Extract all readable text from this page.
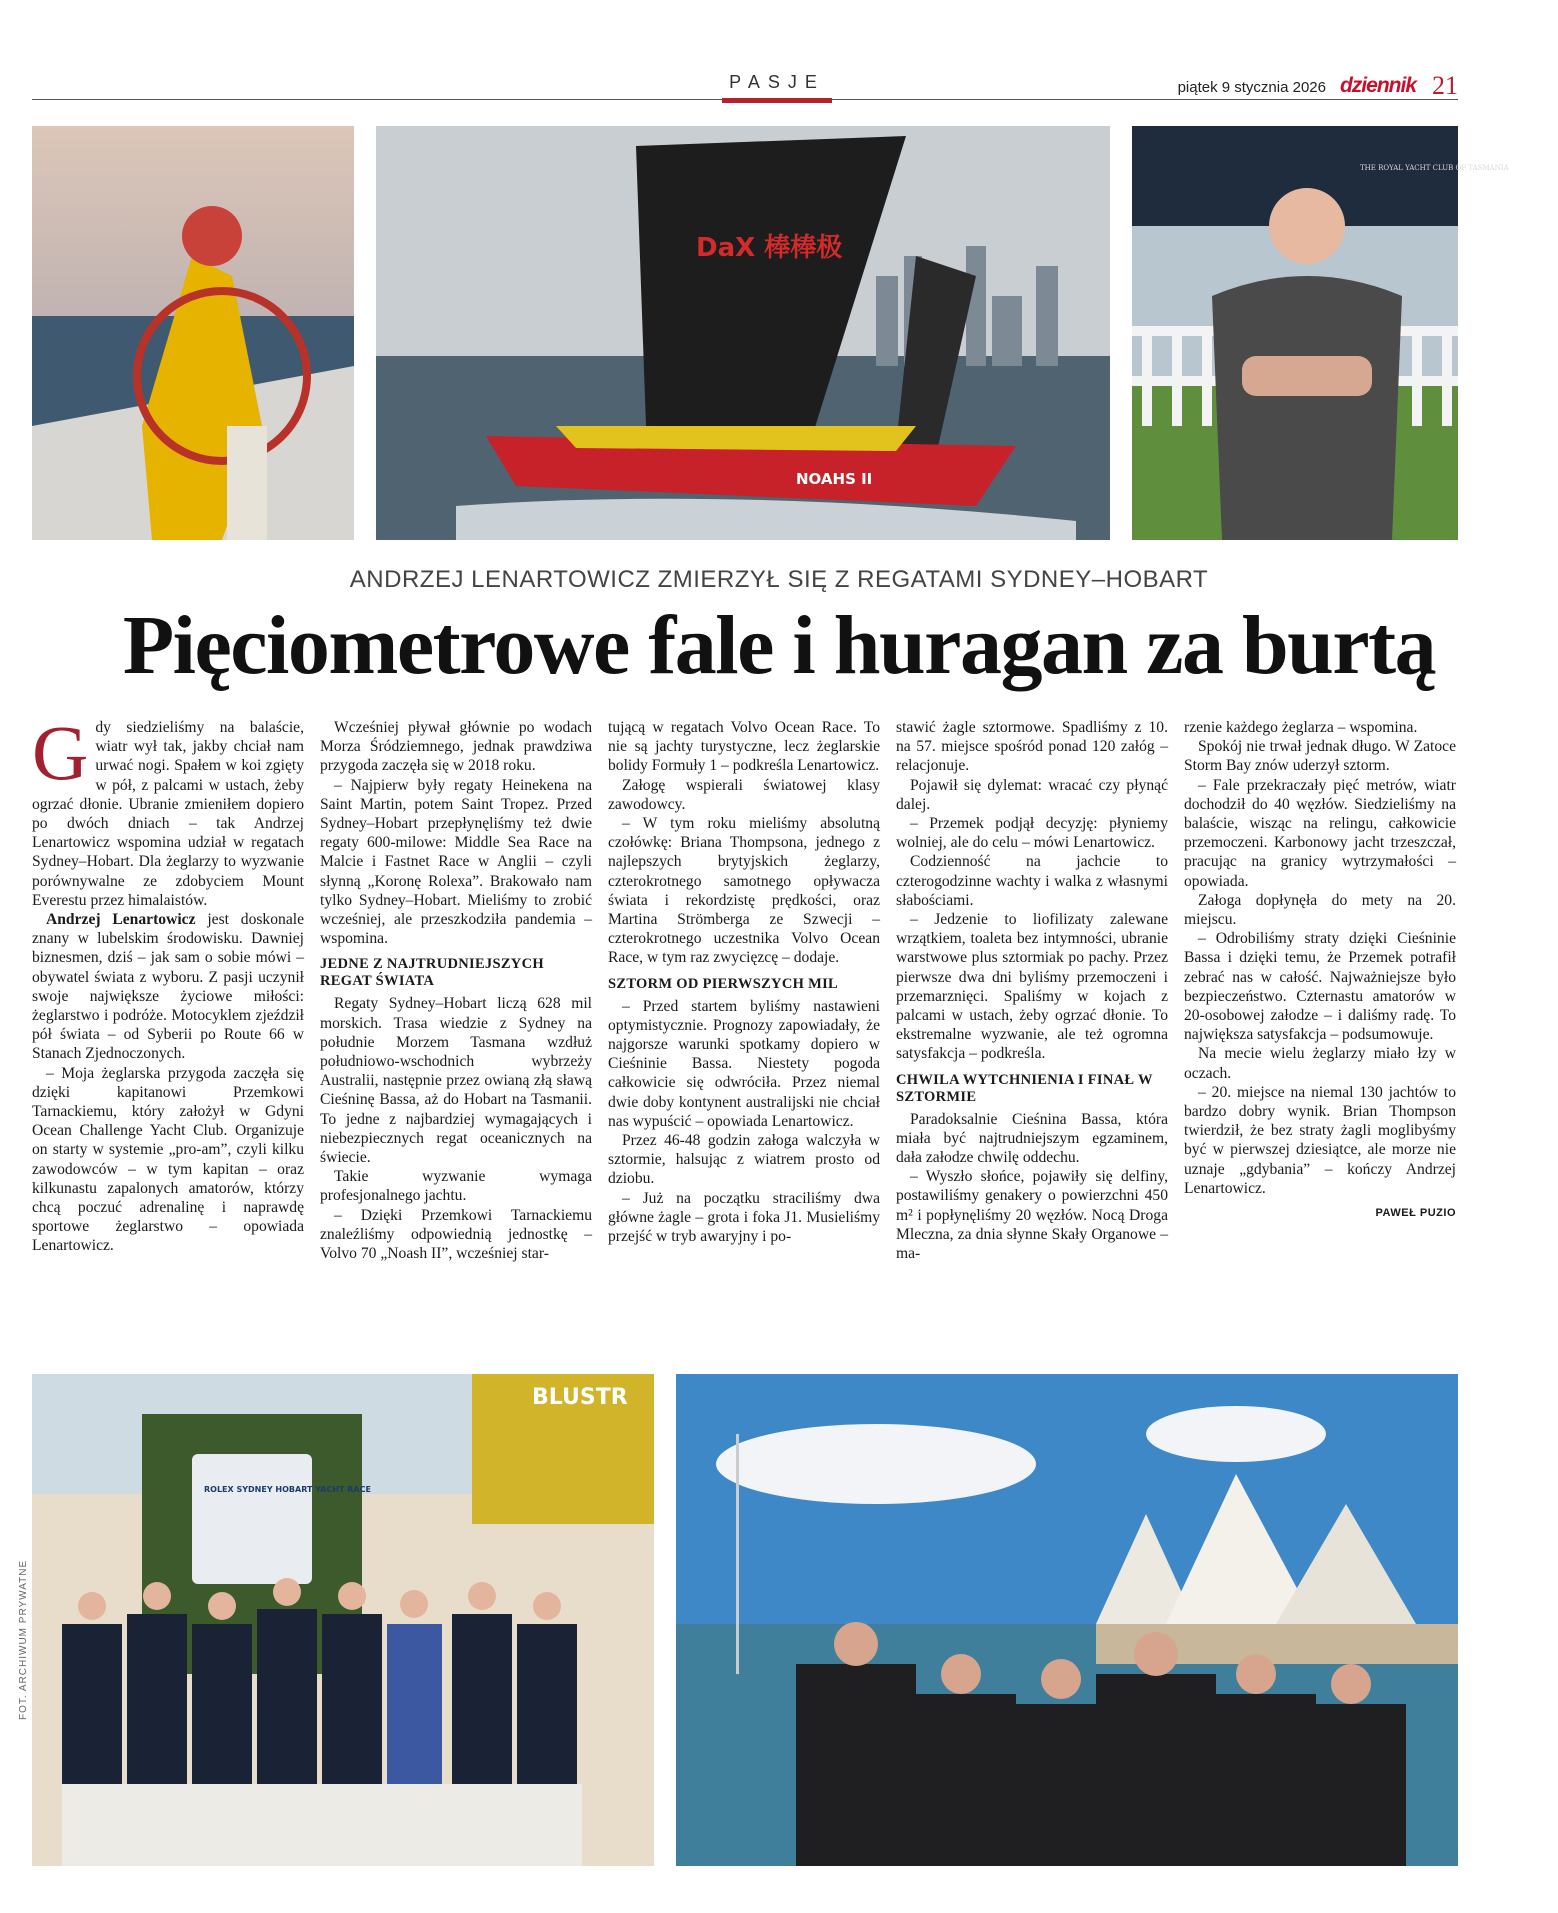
PASJE	piątek 9 stycznia 2026 dziennik 21
DaX 棒棒极
NOAHS II
THE ROYAL YACHT CLUB OF TASMANIA
ANDRZEJ LENARTOWICZ ZMIERZYŁ SIĘ Z REGATAMI SYDNEY–HOBART
Pięciometrowe fale i huragan za burtą

Gdy siedzieliśmy na balaście, wiatr wył tak, jakby chciał nam urwać nogi. Spałem w koi zgięty w pół, z palcami w ustach, żeby ogrzać dłonie. Ubranie zmieniłem dopiero po dwóch dniach – tak Andrzej Lenartowicz wspomina udział w regatach Sydney–Hobart. Dla żeglarzy to wyzwanie porównywalne ze zdobyciem Mount Everestu przez himalaistów.

Andrzej Lenartowicz jest doskonale znany w lubelskim środowisku. Dawniej biznesmen, dziś – jak sam o sobie mówi – obywatel świata z wyboru. Z pasji uczynił swoje największe życiowe miłości: żeglarstwo i podróże. Motocyklem zjeździł pół świata – od Syberii po Route 66 w Stanach Zjednoczonych.

– Moja żeglarska przygoda zaczęła się dzięki kapitanowi Przemkowi Tarnackiemu, który założył w Gdyni Ocean Challenge Yacht Club. Organizuje on starty w systemie „pro-am”, czyli kilku zawodowców – w tym kapitan – oraz kilkunastu zapalonych amatorów, którzy chcą poczuć adrenalinę i naprawdę sportowe żeglarstwo – opowiada Lenartowicz.

Wcześniej pływał głównie po wodach Morza Śródziemnego, jednak prawdziwa przygoda zaczęła się w 2018 roku.

– Najpierw były regaty Heinekena na Saint Martin, potem Saint Tropez. Przed Sydney–Hobart przepłynęliśmy też dwie regaty 600-milowe: Middle Sea Race na Malcie i Fastnet Race w Anglii – czyli słynną „Koronę Rolexa”. Brakowało nam tylko Sydney–Hobart. Mieliśmy to zrobić wcześniej, ale przeszkodziła pandemia – wspomina.

JEDNE Z NAJTRUDNIEJSZYCH REGAT ŚWIATA

Regaty Sydney–Hobart liczą 628 mil morskich. Trasa wiedzie z Sydney na południe Morzem Tasmana wzdłuż południowo-wschodnich wybrzeży Australii, następnie przez owianą złą sławą Cieśninę Bassa, aż do Hobart na Tasmanii. To jedne z najbardziej wymagających i niebezpiecznych regat oceanicznych na świecie.

Takie wyzwanie wymaga profesjonalnego jachtu.

– Dzięki Przemkowi Tarnackiemu znaleźliśmy odpowiednią jednostkę – Volvo 70 „Noash II”, wcześniej star-

tującą w regatach Volvo Ocean Race. To nie są jachty turystyczne, lecz żeglarskie bolidy Formuły 1 – podkreśla Lenartowicz.

Załogę wspierali światowej klasy zawodowcy.

– W tym roku mieliśmy absolutną czołówkę: Briana Thompsona, jednego z najlepszych brytyjskich żeglarzy, czterokrotnego samotnego opływacza świata i rekordzistę prędkości, oraz Martina Strömberga ze Szwecji – czterokrotnego uczestnika Volvo Ocean Race, w tym raz zwycięzcę – dodaje.

SZTORM OD PIERWSZYCH MIL

– Przed startem byliśmy nastawieni optymistycznie. Prognozy zapowiadały, że najgorsze warunki spotkamy dopiero w Cieśninie Bassa. Niestety pogoda całkowicie się odwróciła. Przez niemal dwie doby kontynent australijski nie chciał nas wypuścić – opowiada Lenartowicz.

Przez 46-48 godzin załoga walczyła w sztormie, halsując z wiatrem prosto od dziobu.

– Już na początku straciliśmy dwa główne żagle – grota i foka J1. Musieliśmy przejść w tryb awaryjny i po-

stawić żagle sztormowe. Spadliśmy z 10. na 57. miejsce spośród ponad 120 załóg – relacjonuje.

Pojawił się dylemat: wracać czy płynąć dalej.

– Przemek podjął decyzję: płyniemy wolniej, ale do celu – mówi Lenartowicz.

Codzienność na jachcie to czterogodzinne wachty i walka z własnymi słabościami.

– Jedzenie to liofilizaty zalewane wrzątkiem, toaleta bez intymności, ubranie warstwowe plus sztormiak po pachy. Przez pierwsze dwa dni byliśmy przemoczeni i przemarznięci. Spaliśmy w kojach z palcami w ustach, żeby ogrzać dłonie. To ekstremalne wyzwanie, ale też ogromna satysfakcja – podkreśla.

CHWILA WYTCHNIENIA I FINAŁ W SZTORMIE

Paradoksalnie Cieśnina Bassa, która miała być najtrudniejszym egzaminem, dała załodze chwilę oddechu.

– Wyszło słońce, pojawiły się delfiny, postawiliśmy genakery o powierzchni 450 m² i popłynęliśmy 20 węzłów. Nocą Droga Mleczna, za dnia słynne Skały Organowe – ma-

rzenie każdego żeglarza – wspomina.

Spokój nie trwał jednak długo. W Zatoce Storm Bay znów uderzył sztorm.

– Fale przekraczały pięć metrów, wiatr dochodził do 40 węzłów. Siedzieliśmy na balaście, wisząc na relingu, całkowicie przemoczeni. Karbonowy jacht trzeszczał, pracując na granicy wytrzymałości – opowiada.

Załoga dopłynęła do mety na 20. miejscu.

– Odrobiliśmy straty dzięki Cieśninie Bassa i dzięki temu, że Przemek potrafił zebrać nas w całość. Najważniejsze było bezpieczeństwo. Czternastu amatorów w 20-osobowej załodze – i daliśmy radę. To największa satysfakcja – podsumowuje.

Na mecie wielu żeglarzy miało łzy w oczach.

– 20. miejsce na niemal 130 jachtów to bardzo dobry wynik. Brian Thompson twierdził, że bez straty żagli moglibyśmy być w pierwszej dziesiątce, ale morze nie uznaje „gdybania” – kończy Andrzej Lenartowicz.

PAWEŁ PUZIO
ROLEX SYDNEY HOBART YACHT RACE
BLUSTR
FOT. ARCHIWUM PRYWATNE
